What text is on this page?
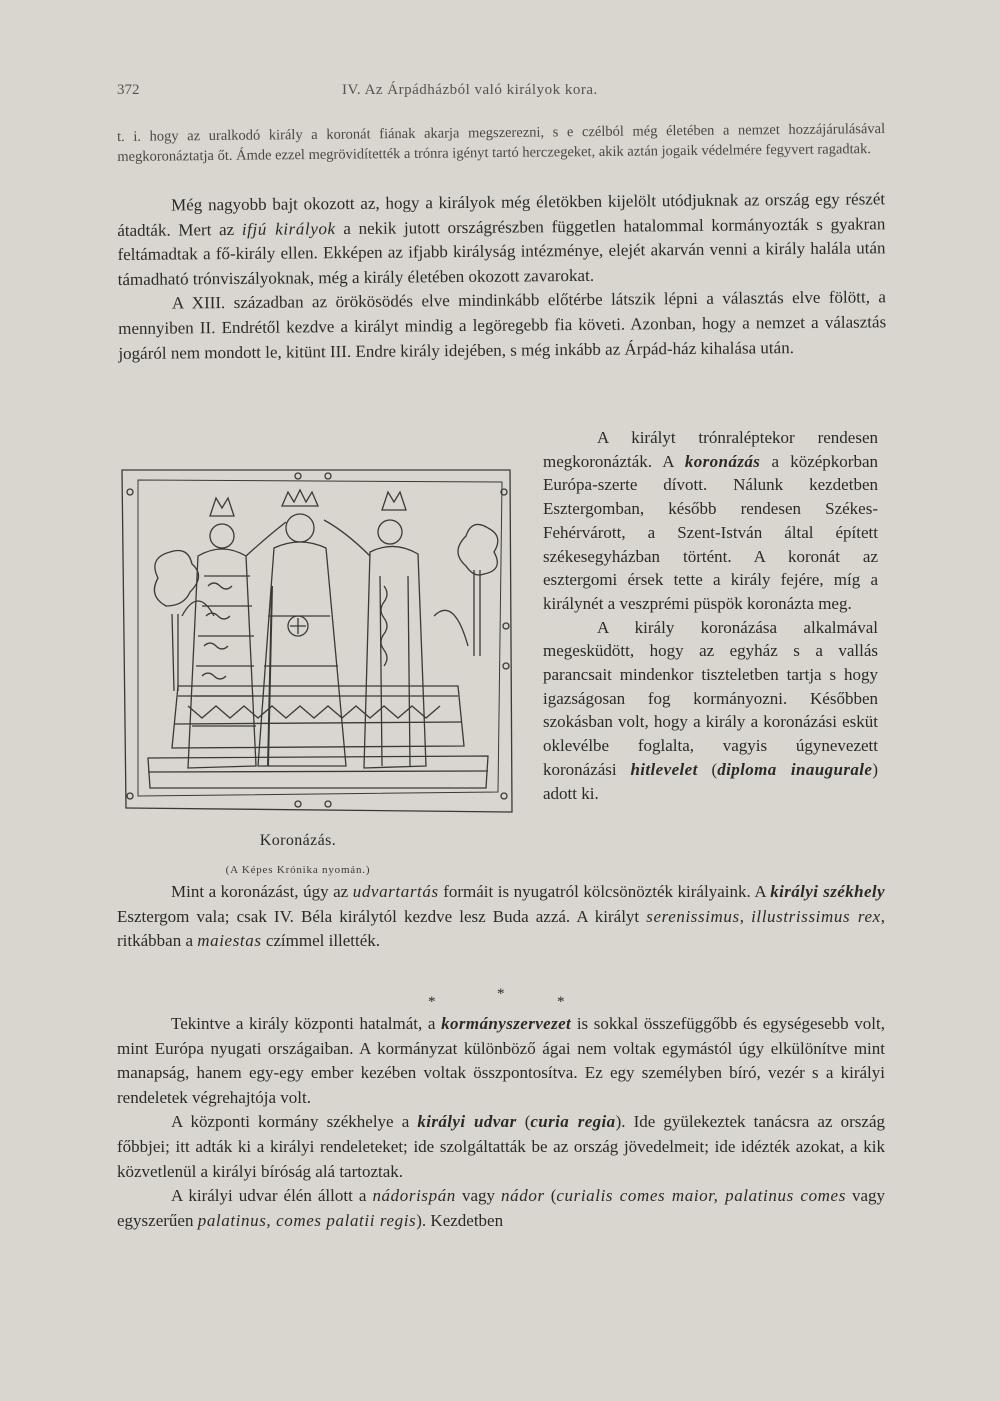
372	IV. Az Árpádházból való királyok kora.
t. i. hogy az uralkodó király a koronát fiának akarja megszerezni, s e czélból még életében a nemzet hozzájárulásával megkoronáztatja őt. Ámde ezzel megrövidítették a trónra igényt tartó herczegeket, akik aztán jogaik védelmére fegyvert ragadtak.

Még nagyobb bajt okozott az, hogy a királyok még életökben kijelölt utódjuknak az ország egy részét átadták. Mert az ifjú királyok a nekik jutott országrészben független hatalommal kormányozták s gyakran feltámadtak a fő-király ellen. Ekképen az ifjabb királyság intézménye, elejét akarván venni a király halála után támadható trónviszályoknak, még a király életében okozott zavarokat.

A XIII. században az örökösödés elve mindinkább előtérbe látszik lépni a választás elve fölött, a mennyiben II. Endrétől kezdve a királyt mindig a legöregebb fia követi. Azonban, hogy a nemzet a választás jogáról nem mondott le, kitünt III. Endre király idejében, s még inkább az Árpád-ház kihalása után.

Koronázás.
(A Képes Krónika nyomán.)

A királyt trónraléptekor rendesen megkoronázták. A koronázás a középkorban Európa-szerte dívott. Nálunk kezdetben Esztergomban, később rendesen Székes-Fehérvárott, a Szent-István által épített székesegyházban történt. A koronát az esztergomi érsek tette a király fejére, míg a királynét a veszprémi püspök koronázta meg.

A király koronázása alkalmával megesküdött, hogy az egyház s a vallás parancsait mindenkor tiszteletben tartja s hogy igazságosan fog kormányozni. Későbben szokásban volt, hogy a király a koronázási esküt oklevélbe foglalta, vagyis úgynevezett koronázási hitlevelet (diploma inaugurale) adott ki.

Mint a koronázást, úgy az udvartartás formáit is nyugatról kölcsönözték királyaink. A királyi székhely Esztergom vala; csak IV. Béla királytól kezdve lesz Buda azzá. A királyt serenissimus, illustrissimus rex, ritkábban a maiestas czímmel illették.

*	*	*

Tekintve a király központi hatalmát, a kormányszervezet is sokkal összefüggőbb és egységesebb volt, mint Európa nyugati országaiban. A kormányzat különböző ágai nem voltak egymástól úgy elkülönítve mint manapság, hanem egy-egy ember kezében voltak összpontosítva. Ez egy személyben bíró, vezér s a királyi rendeletek végrehajtója volt.

A központi kormány székhelye a királyi udvar (curia regia). Ide gyülekeztek tanácsra az ország főbbjei; itt adták ki a királyi rendeleteket; ide szolgáltatták be az ország jövedelmeit; ide idézték azokat, a kik közvetlenül a királyi bíróság alá tartoztak.

A királyi udvar élén állott a nádorispán vagy nádor (curialis comes maior, palatinus comes vagy egyszerűen palatinus, comes palatii regis). Kezdetben
